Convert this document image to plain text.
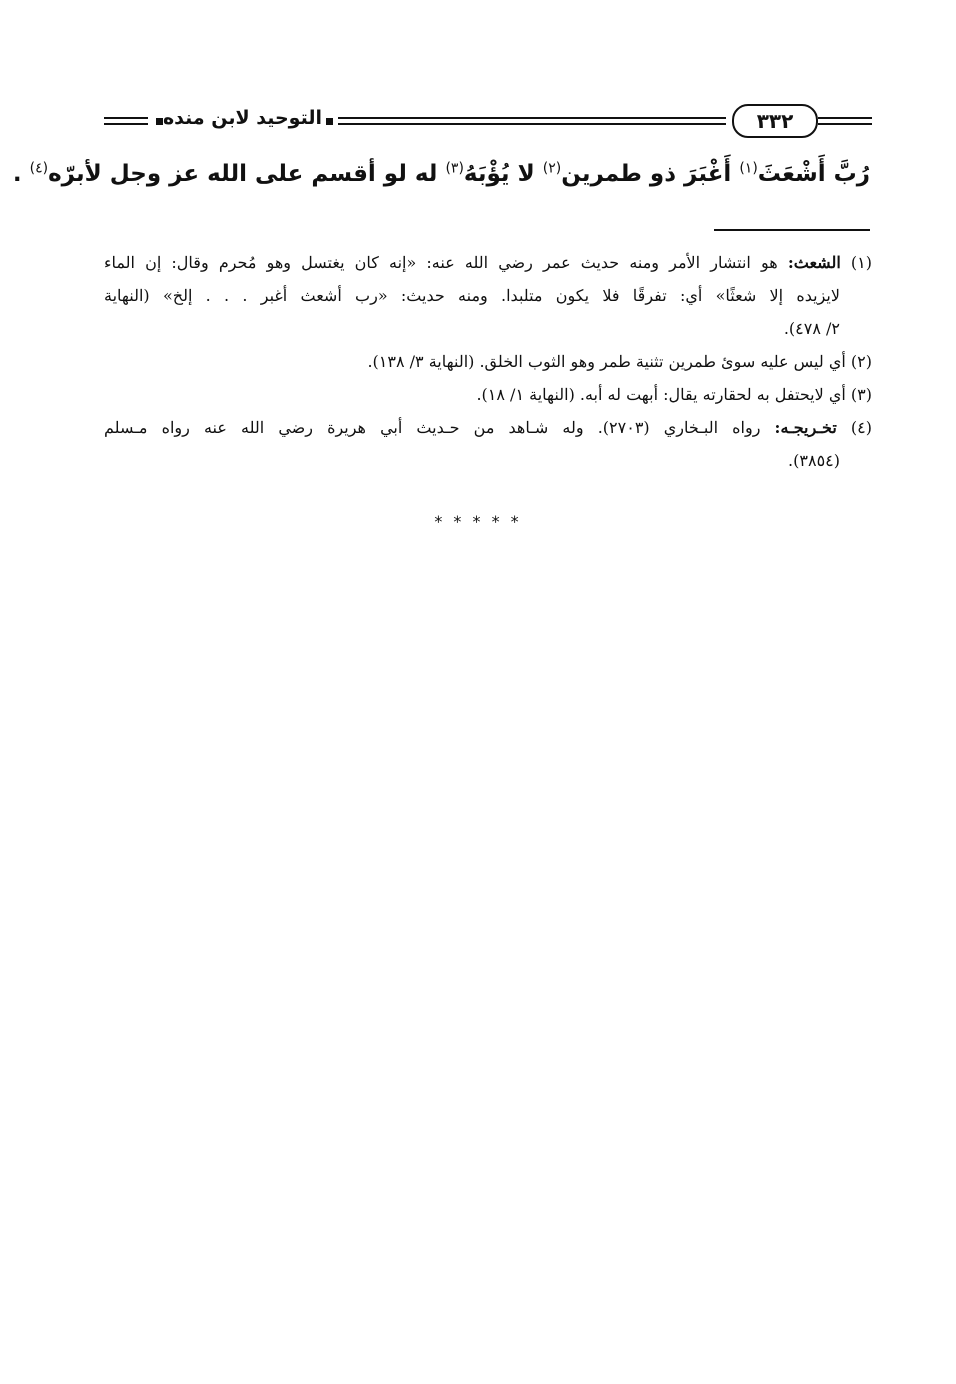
التوحيد لابن منده	٣٣٢
رُبَّ أَشْعَثَ$^{(١)}$ أَغْبَرَ ذو طمرين$^{(٢)}$ لا يُؤْبَهُ$^{(٣)}$ له لو أقسم على الله عز وجل لأبرّه$^{(٤)}$ .
(١) الشعث: هو انتشار الأمر ومنه حديث عمر رضي الله عنه: «إنه كان يغتسل وهو مُحرم وقال: إن الماء
لايزيده إلا شعثًا» أي: تفرقًا فلا يكون متلبدا. ومنه حديث: «رب أشعث أغبر . . . إلخ» (النهاية
٢/ ٤٧٨).
(٢) أي ليس عليه سوئ طمرين تثنية طمر وهو الثوب الخلق. (النهاية ٣/ ١٣٨).
(٣) أي لايحتفل به لحقارته يقال: أبهت له أبه. (النهاية ١/ ١٨).
(٤) تخـريجـه: رواه البـخاري (٢٧٠٣). وله شـاهد من حـديث أبي هريرة رضي الله عنه رواه مـسلم
(٣٨٥٤).
* * * * *
